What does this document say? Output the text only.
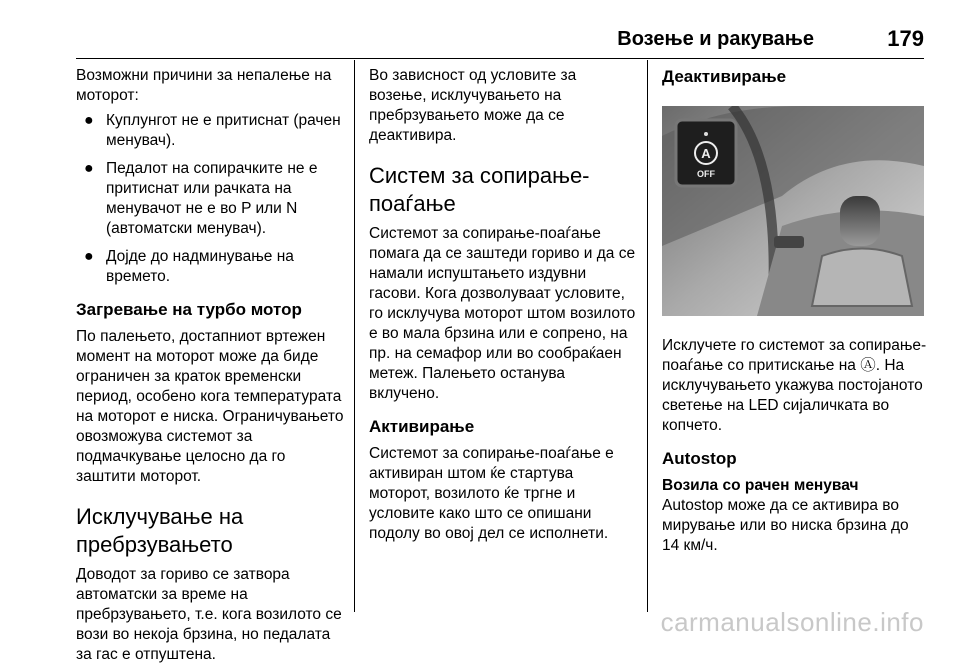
Возење и ракување	179

Возможни причини за непалење на моторот:

● Куплунгот не е притиснат (рачен менувач).
● Педалот на сопирачките не е притиснат или рачката на менувачот не е во P или N (автоматски менувач).
● Дојде до надминување на времето.
Загревање на турбо мотор

По палењето, достапниот вртежен момент на моторот може да биде ограничен за краток временски период, особено кога температурата на моторот е ниска. Ограничувањето овозможува системот за подмачкување целосно да го заштити моторот.

Исклучување на пребрзувањето

Доводот за гориво се затвора автоматски за време на пребрзувањето, т.е. кога возилото се вози во некоја брзина, но педалата за гас е отпуштена.

Во зависност од условите за возење, исклучувањето на пребрзувањето може да се деактивира.

Систем за сопирање-поаѓање

Системот за сопирање-поаѓање помага да се заштеди гориво и да се намали испуштањето издувни гасови. Кога дозволуваат условите, го исклучува моторот штом возилото е во мала брзина или е сопрено, на пр. на семафор или во сообраќаен метеж. Палењето останува вклучено.

Активирање

Системот за сопирање-поаѓање е активиран штом ќе стартува моторот, возилото ќе тргне и условите како што се опишани подолу во овој дел се исполнети.

Деактивирање
A
OFF

Исклучете го системот за сопирање-поаѓање со притискање на Ⓐ. На исклучувањето укажува постојаното светење на LED сијаличката во копчето.

Autostop
Возила со рачен менувач

Autostop може да се активира во мирување или во ниска брзина до 14 км/ч.

carmanualsonline.info
